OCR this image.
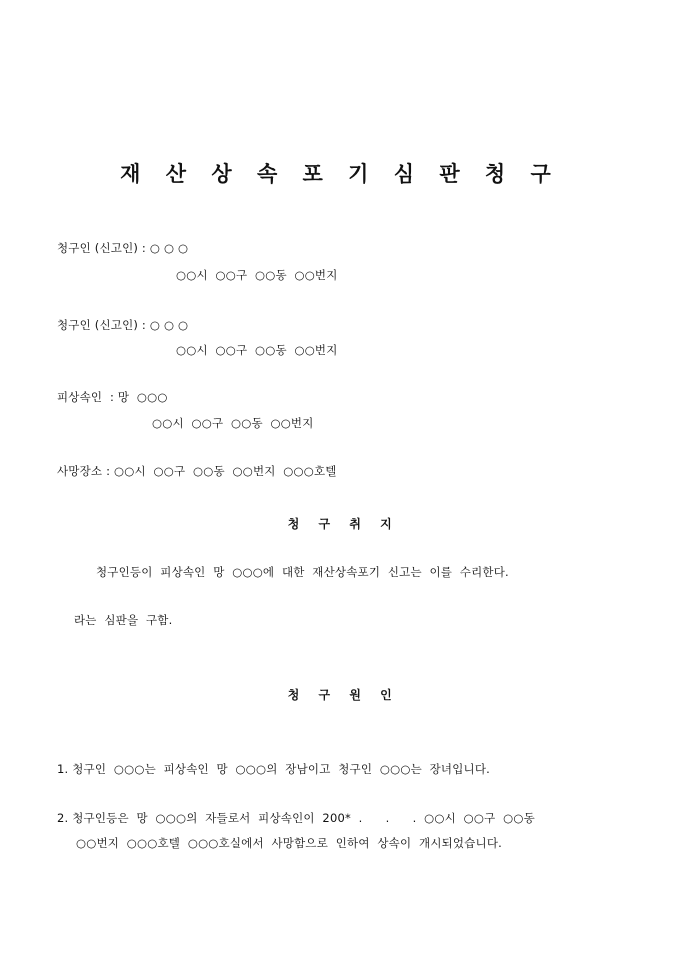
재 산 상 속 포 기 심 판 청 구
청구인 (신고인) : ○ ○ ○
○○시  ○○구  ○○동  ○○번지
청구인 (신고인) : ○ ○ ○
○○시  ○○구  ○○동  ○○번지
피상속인  : 망  ○○○
○○시  ○○구  ○○동  ○○번지
사망장소 : ○○시  ○○구  ○○동  ○○번지  ○○○호텔
청    구    취    지
청구인등이  피상속인  망  ○○○에  대한  재산상속포기  신고는  이를  수리한다.
라는  심판을  구함.
청    구    원    인
1. 청구인  ○○○는  피상속인  망  ○○○의  장남이고  청구인  ○○○는  장녀입니다.
2. 청구인등은  망  ○○○의  자들로서  피상속인이  200*  .      .      .  ○○시  ○○구  ○○동
○○번지  ○○○호텔  ○○○호실에서  사망함으로  인하여  상속이  개시되었습니다.
